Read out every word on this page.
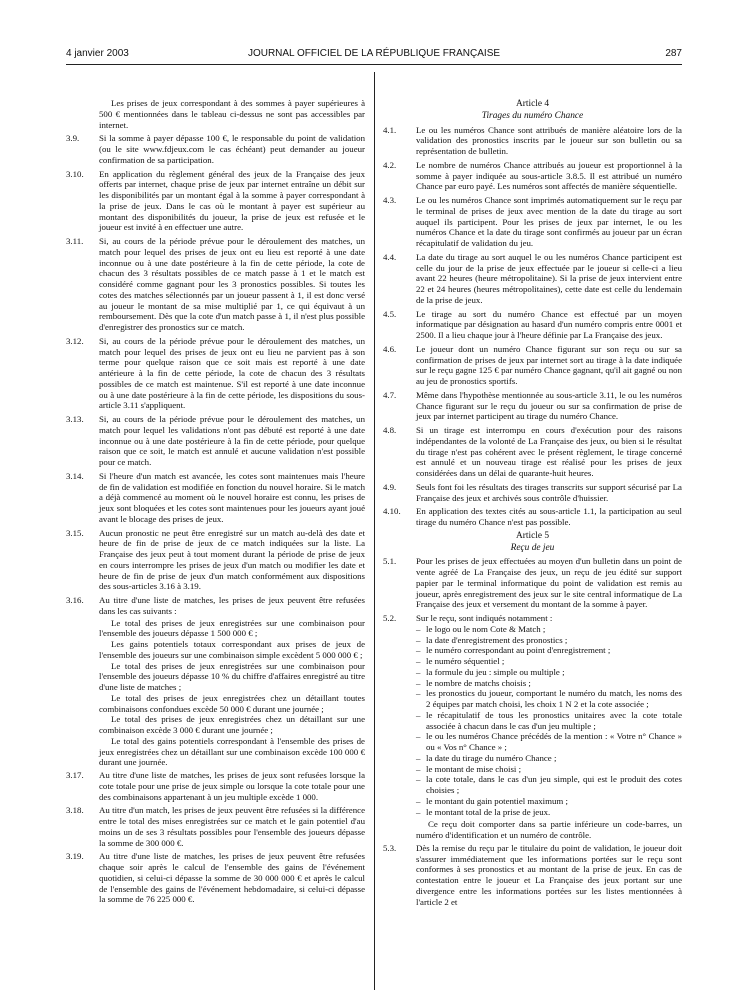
4 janvier 2003	JOURNAL OFFICIEL DE LA RÉPUBLIQUE FRANÇAISE	287

Les prises de jeux correspondant à des sommes à payer supérieures à 500 € mentionnées dans le tableau ci-dessus ne sont pas accessibles par internet.

3.9. Si la somme à payer dépasse 100 €, le responsable du point de validation (ou le site www.fdjeux.com le cas échéant) peut demander au joueur confirmation de sa participation.
3.10. En application du règlement général des jeux de la Française des jeux offerts par internet, chaque prise de jeux par internet entraîne un débit sur les disponibilités par un montant égal à la somme à payer correspondant à la prise de jeux. Dans le cas où le montant à payer est supérieur au montant des disponibilités du joueur, la prise de jeux est refusée et le joueur est invité à en effectuer une autre.
3.11. Si, au cours de la période prévue pour le déroulement des matches, un match pour lequel des prises de jeux ont eu lieu est reporté à une date inconnue ou à une date postérieure à la fin de cette période, la cote de chacun des 3 résultats possibles de ce match passe à 1 et le match est considéré comme gagnant pour les 3 pronostics possibles. Si toutes les cotes des matches sélectionnés par un joueur passent à 1, il est donc versé au joueur le montant de sa mise multiplié par 1, ce qui équivaut à un remboursement. Dès que la cote d'un match passe à 1, il n'est plus possible d'enregistrer des pronostics sur ce match.
3.12. Si, au cours de la période prévue pour le déroulement des matches, un match pour lequel des prises de jeux ont eu lieu ne parvient pas à son terme pour quelque raison que ce soit mais est reporté à une date antérieure à la fin de cette période, la cote de chacun des 3 résultats possibles de ce match est maintenue. S'il est reporté à une date inconnue ou à une date postérieure à la fin de cette période, les dispositions du sous-article 3.11 s'appliquent.
3.13. Si, au cours de la période prévue pour le déroulement des matches, un match pour lequel les validations n'ont pas débuté est reporté à une date inconnue ou à une date postérieure à la fin de cette période, pour quelque raison que ce soit, le match est annulé et aucune validation n'est possible pour ce match.
3.14. Si l'heure d'un match est avancée, les cotes sont maintenues mais l'heure de fin de validation est modifiée en fonction du nouvel horaire. Si le match a déjà commencé au moment où le nouvel horaire est connu, les prises de jeux sont bloquées et les cotes sont maintenues pour les joueurs ayant joué avant le blocage des prises de jeux.
3.15. Aucun pronostic ne peut être enregistré sur un match au-delà des date et heure de fin de prise de jeux de ce match indiquées sur la liste. La Française des jeux peut à tout moment durant la période de prise de jeux en cours interrompre les prises de jeux d'un match ou modifier les date et heure de fin de prise de jeux d'un match conformément aux dispositions des sous-articles 3.16 à 3.19.
3.16. Au titre d'une liste de matches, les prises de jeux peuvent être refusées dans les cas suivants :

Le total des prises de jeux enregistrées sur une combinaison pour l'ensemble des joueurs dépasse 1 500 000 € ;

Les gains potentiels totaux correspondant aux prises de jeux de l'ensemble des joueurs sur une combinaison simple excèdent 5 000 000 € ;

Le total des prises de jeux enregistrées sur une combinaison pour l'ensemble des joueurs dépasse 10 % du chiffre d'affaires enregistré au titre d'une liste de matches ;

Le total des prises de jeux enregistrées chez un détaillant toutes combinaisons confondues excède 50 000 € durant une journée ;

Le total des prises de jeux enregistrées chez un détaillant sur une combinaison excède 3 000 € durant une journée ;

Le total des gains potentiels correspondant à l'ensemble des prises de jeux enregistrées chez un détaillant sur une combinaison excède 100 000 € durant une journée.

3.17. Au titre d'une liste de matches, les prises de jeux sont refusées lorsque la cote totale pour une prise de jeux simple ou lorsque la cote totale pour une des combinaisons appartenant à un jeu multiple excède 1 000.
3.18. Au titre d'un match, les prises de jeux peuvent être refusées si la différence entre le total des mises enregistrées sur ce match et le gain potentiel d'au moins un de ses 3 résultats possibles pour l'ensemble des joueurs dépasse la somme de 300 000 €.
3.19. Au titre d'une liste de matches, les prises de jeux peuvent être refusées chaque soir après le calcul de l'ensemble des gains de l'événement quotidien, si celui-ci dépasse la somme de 30 000 000 € et après le calcul de l'ensemble des gains de l'événement hebdomadaire, si celui-ci dépasse la somme de 76 225 000 €.
Article 4
Tirages du numéro Chance
4.1. Le ou les numéros Chance sont attribués de manière aléatoire lors de la validation des pronostics inscrits par le joueur sur son bulletin ou sa représentation de bulletin.
4.2. Le nombre de numéros Chance attribués au joueur est proportionnel à la somme à payer indiquée au sous-article 3.8.5. Il est attribué un numéro Chance par euro payé. Les numéros sont affectés de manière séquentielle.
4.3. Le ou les numéros Chance sont imprimés automatiquement sur le reçu par le terminal de prises de jeux avec mention de la date du tirage au sort auquel ils participent. Pour les prises de jeux par internet, le ou les numéros Chance et la date du tirage sont confirmés au joueur par un écran récapitulatif de validation du jeu.
4.4. La date du tirage au sort auquel le ou les numéros Chance participent est celle du jour de la prise de jeux effectuée par le joueur si celle-ci a lieu avant 22 heures (heure métropolitaine). Si la prise de jeux intervient entre 22 et 24 heures (heures métropolitaines), cette date est celle du lendemain de la prise de jeux.
4.5. Le tirage au sort du numéro Chance est effectué par un moyen informatique par désignation au hasard d'un numéro compris entre 0001 et 2500. Il a lieu chaque jour à l'heure définie par La Française des jeux.
4.6. Le joueur dont un numéro Chance figurant sur son reçu ou sur sa confirmation de prises de jeux par internet sort au tirage à la date indiquée sur le reçu gagne 125 € par numéro Chance gagnant, qu'il ait gagné ou non au jeu de pronostics sportifs.
4.7. Même dans l'hypothèse mentionnée au sous-article 3.11, le ou les numéros Chance figurant sur le reçu du joueur ou sur sa confirmation de prise de jeux par internet participent au tirage du numéro Chance.
4.8. Si un tirage est interrompu en cours d'exécution pour des raisons indépendantes de la volonté de La Française des jeux, ou bien si le résultat du tirage n'est pas cohérent avec le présent règlement, le tirage concerné est annulé et un nouveau tirage est réalisé pour les prises de jeux considérées dans un délai de quarante-huit heures.
4.9. Seuls font foi les résultats des tirages transcrits sur support sécurisé par La Française des jeux et archivés sous contrôle d'huissier.
4.10. En application des textes cités au sous-article 1.1, la participation au seul tirage du numéro Chance n'est pas possible.
Article 5
Reçu de jeu
5.1. Pour les prises de jeux effectuées au moyen d'un bulletin dans un point de vente agréé de La Française des jeux, un reçu de jeu édité sur support papier par le terminal informatique du point de validation est remis au joueur, après enregistrement des jeux sur le site central informatique de La Française des jeux et versement du montant de la somme à payer.
5.2. Sur le reçu, sont indiqués notamment :
– le logo ou le nom Cote & Match ;
– la date d'enregistrement des pronostics ;
– le numéro correspondant au point d'enregistrement ;
– le numéro séquentiel ;
– la formule du jeu : simple ou multiple ;
– le nombre de matchs choisis ;
– les pronostics du joueur, comportant le numéro du match, les noms des 2 équipes par match choisi, les choix 1 N 2 et la cote associée ;
– le récapitulatif de tous les pronostics unitaires avec la cote totale associée à chacun dans le cas d'un jeu multiple ;
– le ou les numéros Chance précédés de la mention : « Votre n° Chance » ou « Vos n° Chance » ;
– la date du tirage du numéro Chance ;
– le montant de mise choisi ;
– la cote totale, dans le cas d'un jeu simple, qui est le produit des cotes choisies ;
– le montant du gain potentiel maximum ;
– le montant total de la prise de jeux.

Ce reçu doit comporter dans sa partie inférieure un code-barres, un numéro d'identification et un numéro de contrôle.

5.3. Dès la remise du reçu par le titulaire du point de validation, le joueur doit s'assurer immédiatement que les informations portées sur le reçu sont conformes à ses pronostics et au montant de la prise de jeux. En cas de contestation entre le joueur et La Française des jeux portant sur une divergence entre les informations portées sur les listes mentionnées à l'article 2 et
